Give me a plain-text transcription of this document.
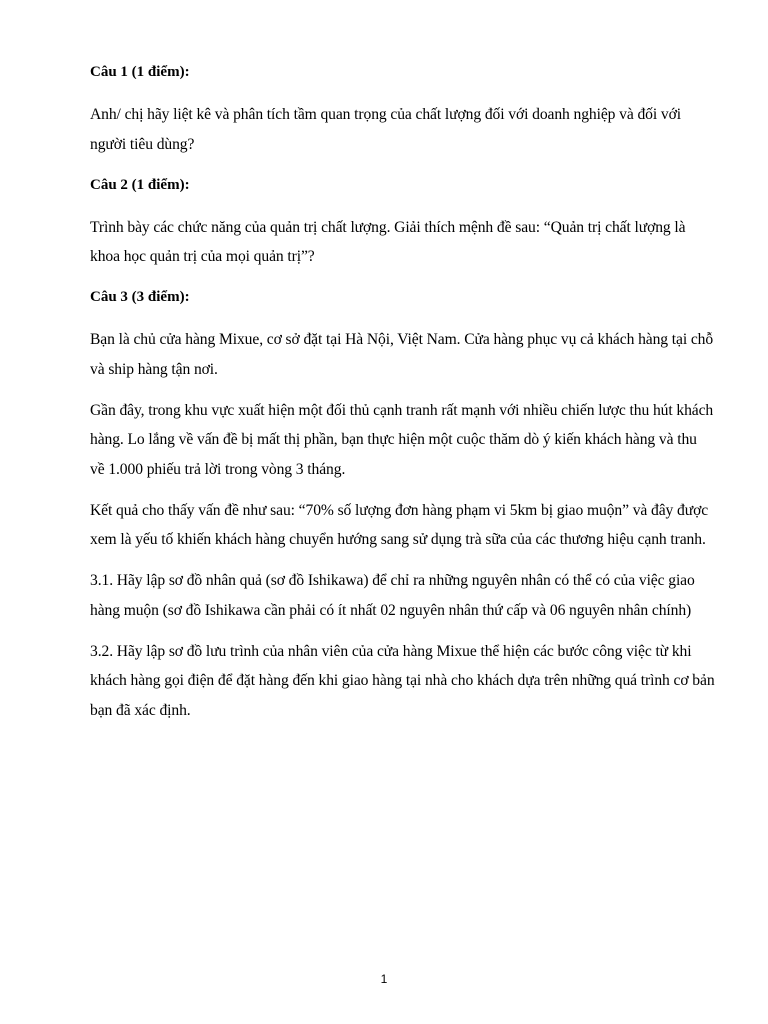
Câu 1 (1 điểm):

Anh/ chị hãy liệt kê và phân tích tầm quan trọng của chất lượng đối với doanh nghiệp và đối với người tiêu dùng?

Câu 2 (1 điểm):

Trình bày các chức năng của quản trị chất lượng. Giải thích mệnh đề sau: “Quản trị chất lượng là khoa học quản trị của mọi quản trị”?

Câu 3 (3 điểm):

Bạn là chủ cửa hàng Mixue, cơ sở đặt tại Hà Nội, Việt Nam. Cửa hàng phục vụ cả khách hàng tại chỗ và ship hàng tận nơi.

Gần đây, trong khu vực xuất hiện một đối thủ cạnh tranh rất mạnh với nhiều chiến lược thu hút khách hàng. Lo lắng về vấn đề bị mất thị phần, bạn thực hiện một cuộc thăm dò ý kiến khách hàng và thu về 1.000 phiếu trả lời trong vòng 3 tháng.

Kết quả cho thấy vấn đề như sau: “70% số lượng đơn hàng phạm vi 5km bị giao muộn” và đây được xem là yếu tố khiến khách hàng chuyển hướng sang sử dụng trà sữa của các thương hiệu cạnh tranh.

3.1. Hãy lập sơ đồ nhân quả (sơ đồ Ishikawa) để chỉ ra những nguyên nhân có thể có của việc giao hàng muộn (sơ đồ Ishikawa cần phải có ít nhất 02 nguyên nhân thứ cấp và 06 nguyên nhân chính)

3.2. Hãy lập sơ đồ lưu trình của nhân viên của cửa hàng Mixue thể hiện các bước công việc từ khi khách hàng gọi điện để đặt hàng đến khi giao hàng tại nhà cho khách dựa trên những quá trình cơ bản bạn đã xác định.

1
